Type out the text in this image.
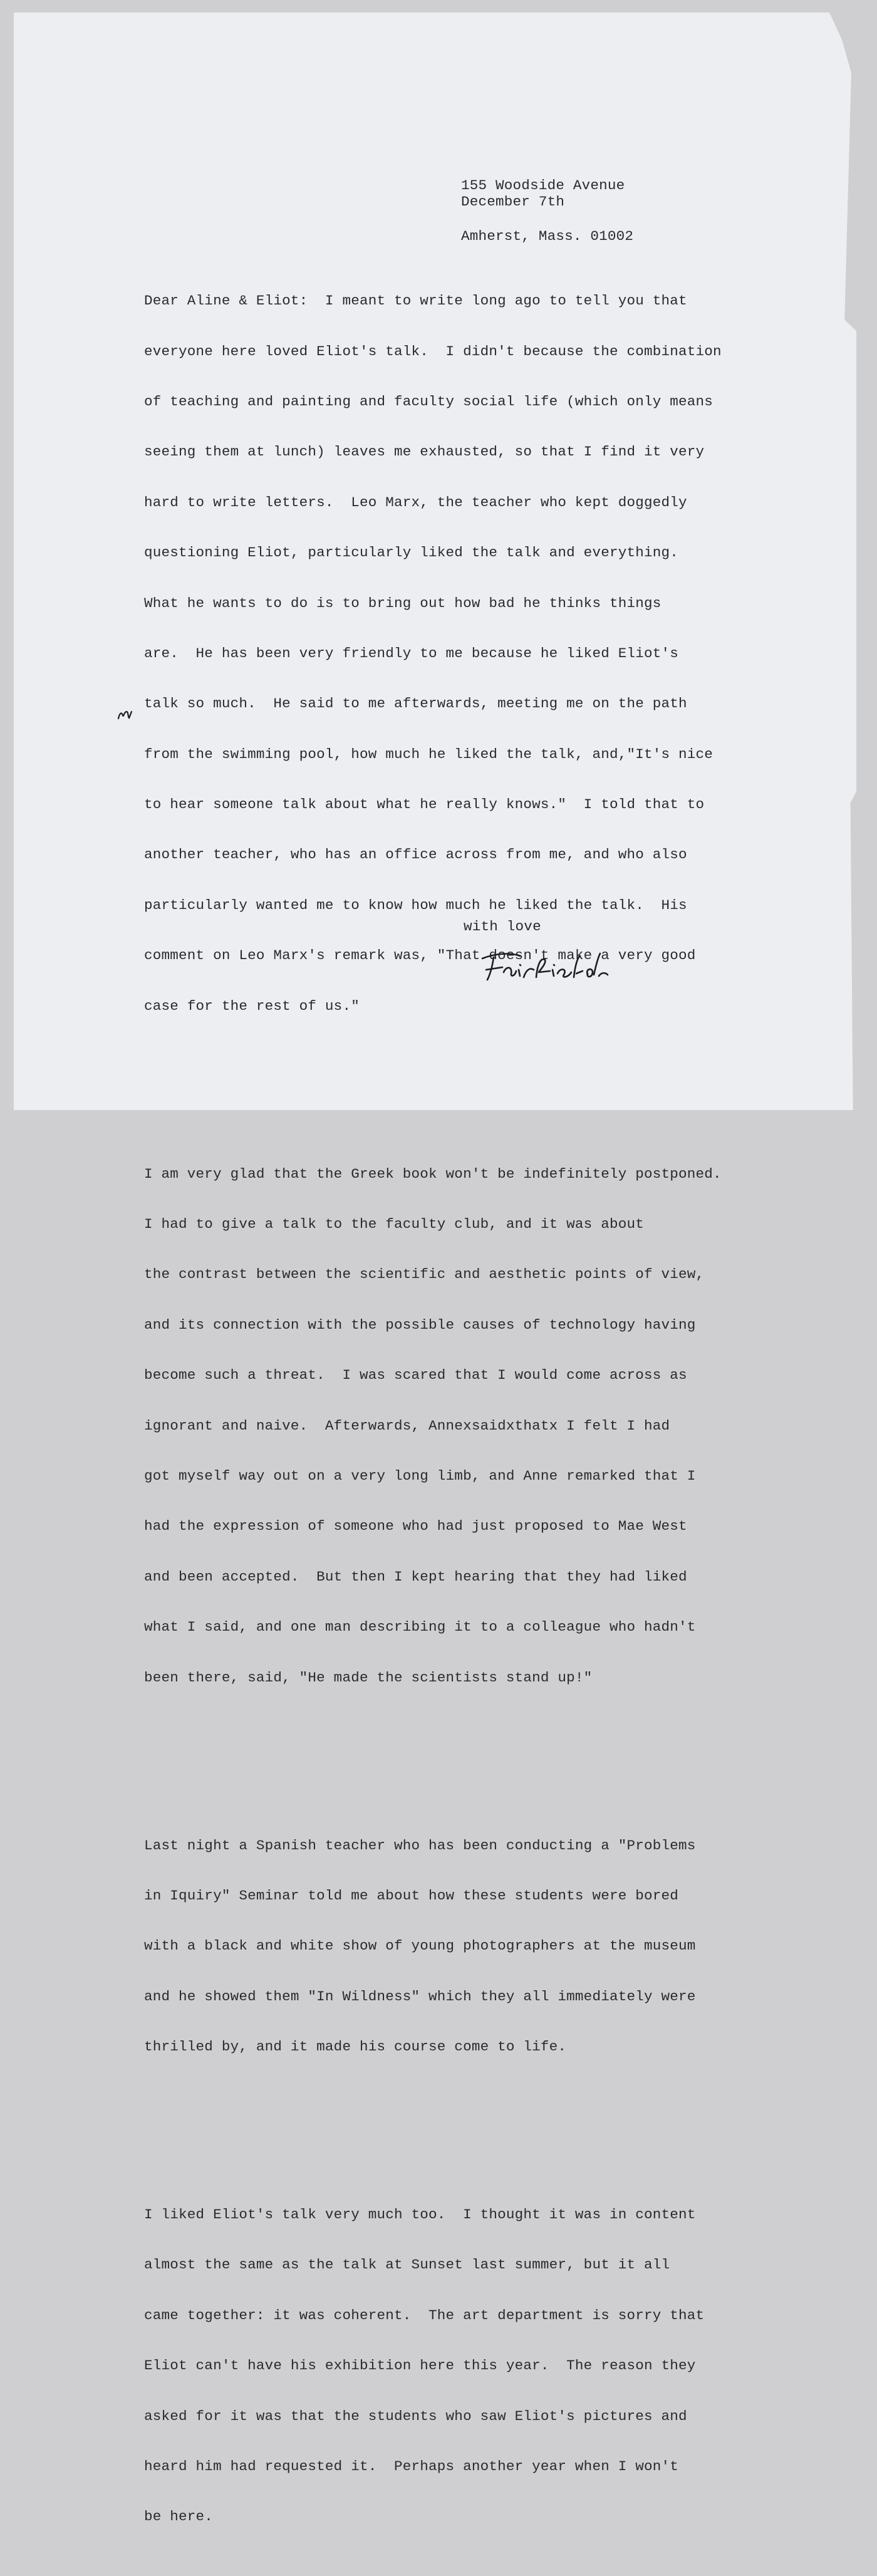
155 Woodside Avenue

Amherst, Mass. 01002

December 7th

Dear Aline & Eliot:  I meant to write long ago to tell you that

everyone here loved Eliot's talk.  I didn't because the combination

of teaching and painting and faculty social life (which only means

seeing them at lunch) leaves me exhausted, so that I find it very

hard to write letters.  Leo Marx, the teacher who kept doggedly

questioning Eliot, particularly liked the talk and everything.

What he wants to do is to bring out how bad he thinks things

are.  He has been very friendly to me because he liked Eliot's

talk so much.  He said to me afterwards, meeting me on the path

from the swimming pool, how much he liked the talk, and,"It's nice

to hear someone talk about what he really knows."  I told that to

another teacher, who has an office across from me, and who also

particularly wanted me to know how much he liked the talk.  His

comment on Leo Marx's remark was, "That doesn't make a very good

case for the rest of us."

I am very glad that the Greek book won't be indefinitely postponed.

I had to give a talk to the faculty club, and it was about

the contrast between the scientific and aesthetic points of view,

and its connection with the possible causes of technology having

become such a threat.  I was scared that I would come across as

ignorant and naive.  Afterwards, Annexsaidxthatx I felt I had

got myself way out on a very long limb, and Anne remarked that I

had the expression of someone who had just proposed to Mae West

and been accepted.  But then I kept hearing that they had liked

what I said, and one man describing it to a colleague who hadn't

been there, said, "He made the scientists stand up!"

Last night a Spanish teacher who has been conducting a "Problems

in Iquiry" Seminar told me about how these students were bored

with a black and white show of young photographers at the museum

and he showed them "In Wildness" which they all immediately were

thrilled by, and it made his course come to life.

I liked Eliot's talk very much too.  I thought it was in content

almost the same as the talk at Sunset last summer, but it all

came together: it was coherent.  The art department is sorry that

Eliot can't have his exhibition here this year.  The reason they

asked for it was that the students who saw Eliot's pictures and

heard him had requested it.  Perhaps another year when I won't

be here.

with love
